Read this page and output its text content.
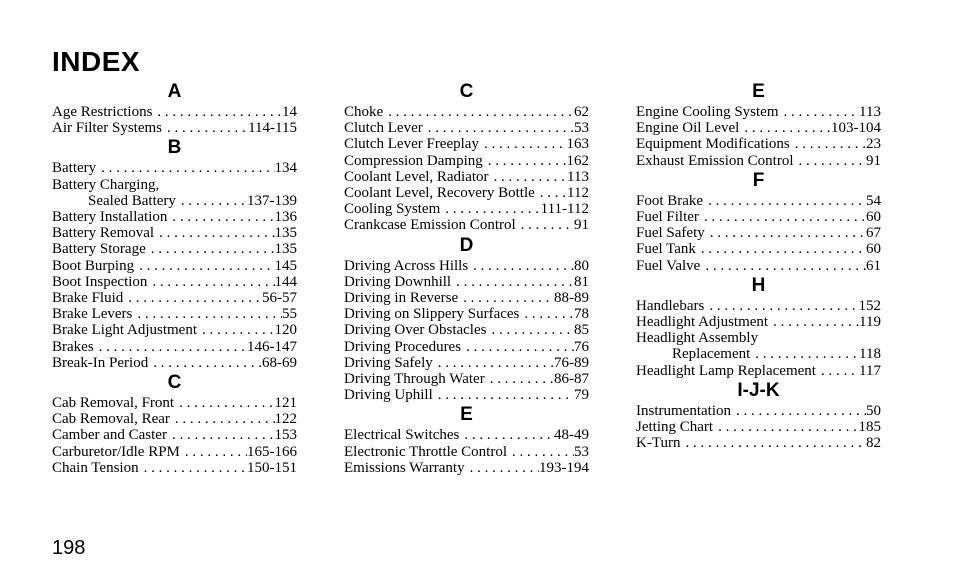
INDEX
A
Age Restrictions . . .	14
Air Filter Systems . . .	114-115
B
Battery . . .	134
Battery Charging,
Sealed Battery . . .	137-139
Battery Installation . . .	136
Battery Removal . . .	135
Battery Storage . . .	135
Boot Burping . . .	145
Boot Inspection . . .	144
Brake Fluid . . .	56-57
Brake Levers . . .	55
Brake Light Adjustment . . .	120
Brakes . . .	146-147
Break-In Period . . .	68-69
C
Cab Removal, Front . . .	121
Cab Removal, Rear . . .	122
Camber and Caster . . .	153
Carburetor/Idle RPM . . .	165-166
Chain Tension . . .	150-151
C
Choke . . .	62
Clutch Lever . . .	53
Clutch Lever Freeplay . . .	163
Compression Damping . . .	162
Coolant Level, Radiator . . .	113
Coolant Level, Recovery Bottle . . . 112
Cooling System . . .	111-112
Crankcase Emission Control . . .	91
D
Driving Across Hills . . .	80
Driving Downhill . . .	81
Driving in Reverse . . .	88-89
Driving on Slippery Surfaces . . .	78
Driving Over Obstacles . . .	85
Driving Procedures . . .	76
Driving Safely . . .	76-89
Driving Through Water . . .	86-87
Driving Uphill . . .	79
E
Electrical Switches . . .	48-49
Electronic Throttle Control . . .	53
Emissions Warranty . . .	193-194
E
Engine Cooling System . . .	113
Engine Oil Level . . .	103-104
Equipment Modifications . . .	23
Exhaust Emission Control . . .	91
F
Foot Brake . . .	54
Fuel Filter . . .	60
Fuel Safety . . .	67
Fuel Tank . . .	60
Fuel Valve . . .	61
H
Handlebars . . .	152
Headlight Adjustment . . .	119
Headlight Assembly
Replacement . . .	118
Headlight Lamp Replacement . . .	117
I-J-K
Instrumentation . . .	50
Jetting Chart . . .	185
K-Turn . . .	82
198
